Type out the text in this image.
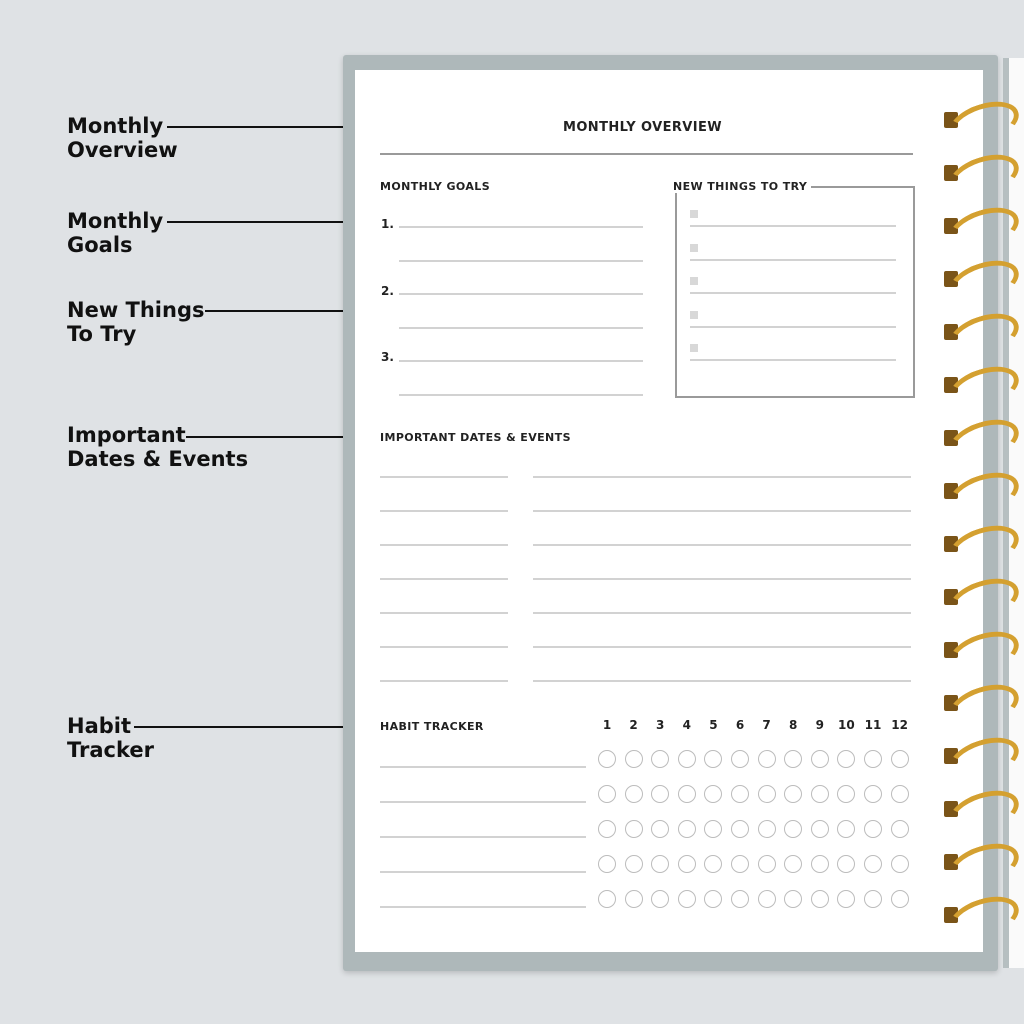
Monthly
Overview
Monthly
Goals
New Things
To Try
Important
Dates & Events
Habit
Tracker
MONTHLY OVERVIEW
MONTHLY GOALS
1.
2.
3.
NEW THINGS TO TRY
IMPORTANT DATES & EVENTS
HABIT TRACKER	1	2	3	4	5	6	7	8	9	10 11 12
